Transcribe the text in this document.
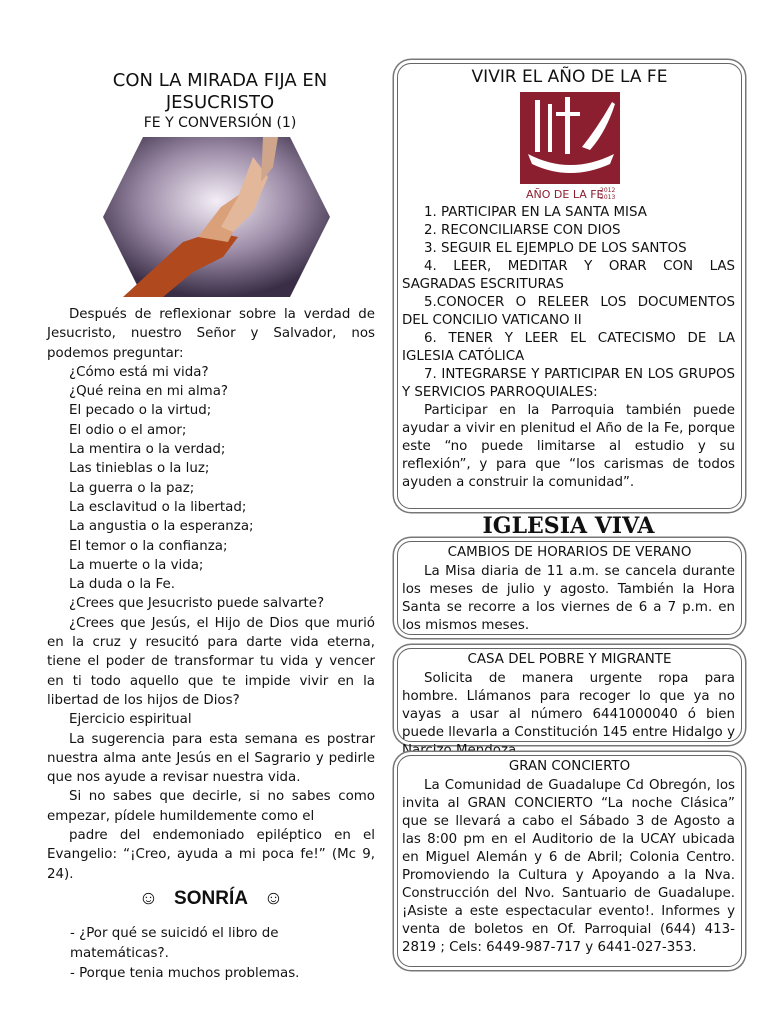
CON LA MIRADA FIJA EN JESUCRISTO
FE Y CONVERSIÓN (1)

Después de reflexionar sobre la verdad de Jesucristo, nuestro Señor y Salvador, nos podemos preguntar:

¿Cómo está mi vida?

¿Qué reina en mi alma?

El pecado o la virtud;

El odio o el amor;

La mentira o la verdad;

Las tinieblas o la luz;

La guerra o la paz;

La esclavitud o la libertad;

La angustia o la esperanza;

El temor o la confianza;

La muerte o la vida;

La duda o la Fe.

¿Crees que Jesucristo puede salvarte?

¿Crees que Jesús, el Hijo de Dios que murió en la cruz y resucitó para darte vida eterna, tiene el poder de transformar tu vida y vencer en ti todo aquello que te impide vivir en la libertad de los hijos de Dios?

Ejercicio espiritual

La sugerencia para esta semana es postrar nuestra alma ante Jesús en el Sagrario y pedirle que nos ayude a revisar nuestra vida.

Si no sabes que decirle, si no sabes como empezar, pídele humildemente como el

padre del endemoniado epiléptico en el Evangelio: “¡Creo, ayuda a mi poca fe!” (Mc 9, 24).

☺ SONRÍA ☺
- ¿Por qué se suicidó el libro de matemáticas?.
- Porque tenia muchos problemas.
VIVIR EL AÑO DE LA FE
AÑO DE LA FE
2012
2013

1. PARTICIPAR EN LA SANTA MISA

2. RECONCILIARSE CON DIOS

3. SEGUIR EL EJEMPLO DE LOS SANTOS

4. LEER, MEDITAR Y ORAR CON LAS SAGRADAS ESCRITURAS

5.CONOCER O RELEER LOS DOCUMENTOS DEL CONCILIO VATICANO II

6. TENER Y LEER EL CATECISMO DE LA IGLESIA CATÓLICA

7. INTEGRARSE Y PARTICIPAR EN LOS GRUPOS Y SERVICIOS PARROQUIALES:

Participar en la Parroquia también puede ayudar a vivir en plenitud el Año de la Fe, porque este “no puede limitarse al estudio y su reflexión”, y para que “los carismas de todos ayuden a construir la comunidad”.

IGLESIA VIVA
CAMBIOS DE HORARIOS DE VERANO

La Misa diaria de 11 a.m. se cancela durante los meses de julio y agosto. También la Hora Santa se recorre a los viernes de 6 a 7 p.m. en los mismos meses.

CASA DEL POBRE Y MIGRANTE

Solicita de manera urgente ropa para hombre. Llámanos para recoger lo que ya no vayas a usar al número 6441000040 ó bien puede llevarla a Constitución 145 entre Hidalgo y Narcizo Mendoza.

GRAN CONCIERTO

La Comunidad de Guadalupe Cd Obregón, los invita al GRAN CONCIERTO “La noche Clásica” que se llevará a cabo el Sábado 3 de Agosto a las 8:00 pm en el Auditorio de la UCAY ubicada en Miguel Alemán y 6 de Abril; Colonia Centro. Promoviendo la Cultura y Apoyando a la Nva. Construcción del Nvo. Santuario de Guadalupe. ¡Asiste a este espectacular evento!. Informes y venta de boletos en Of. Parroquial (644) 413-2819 ; Cels: 6449-987-717 y 6441-027-353.
